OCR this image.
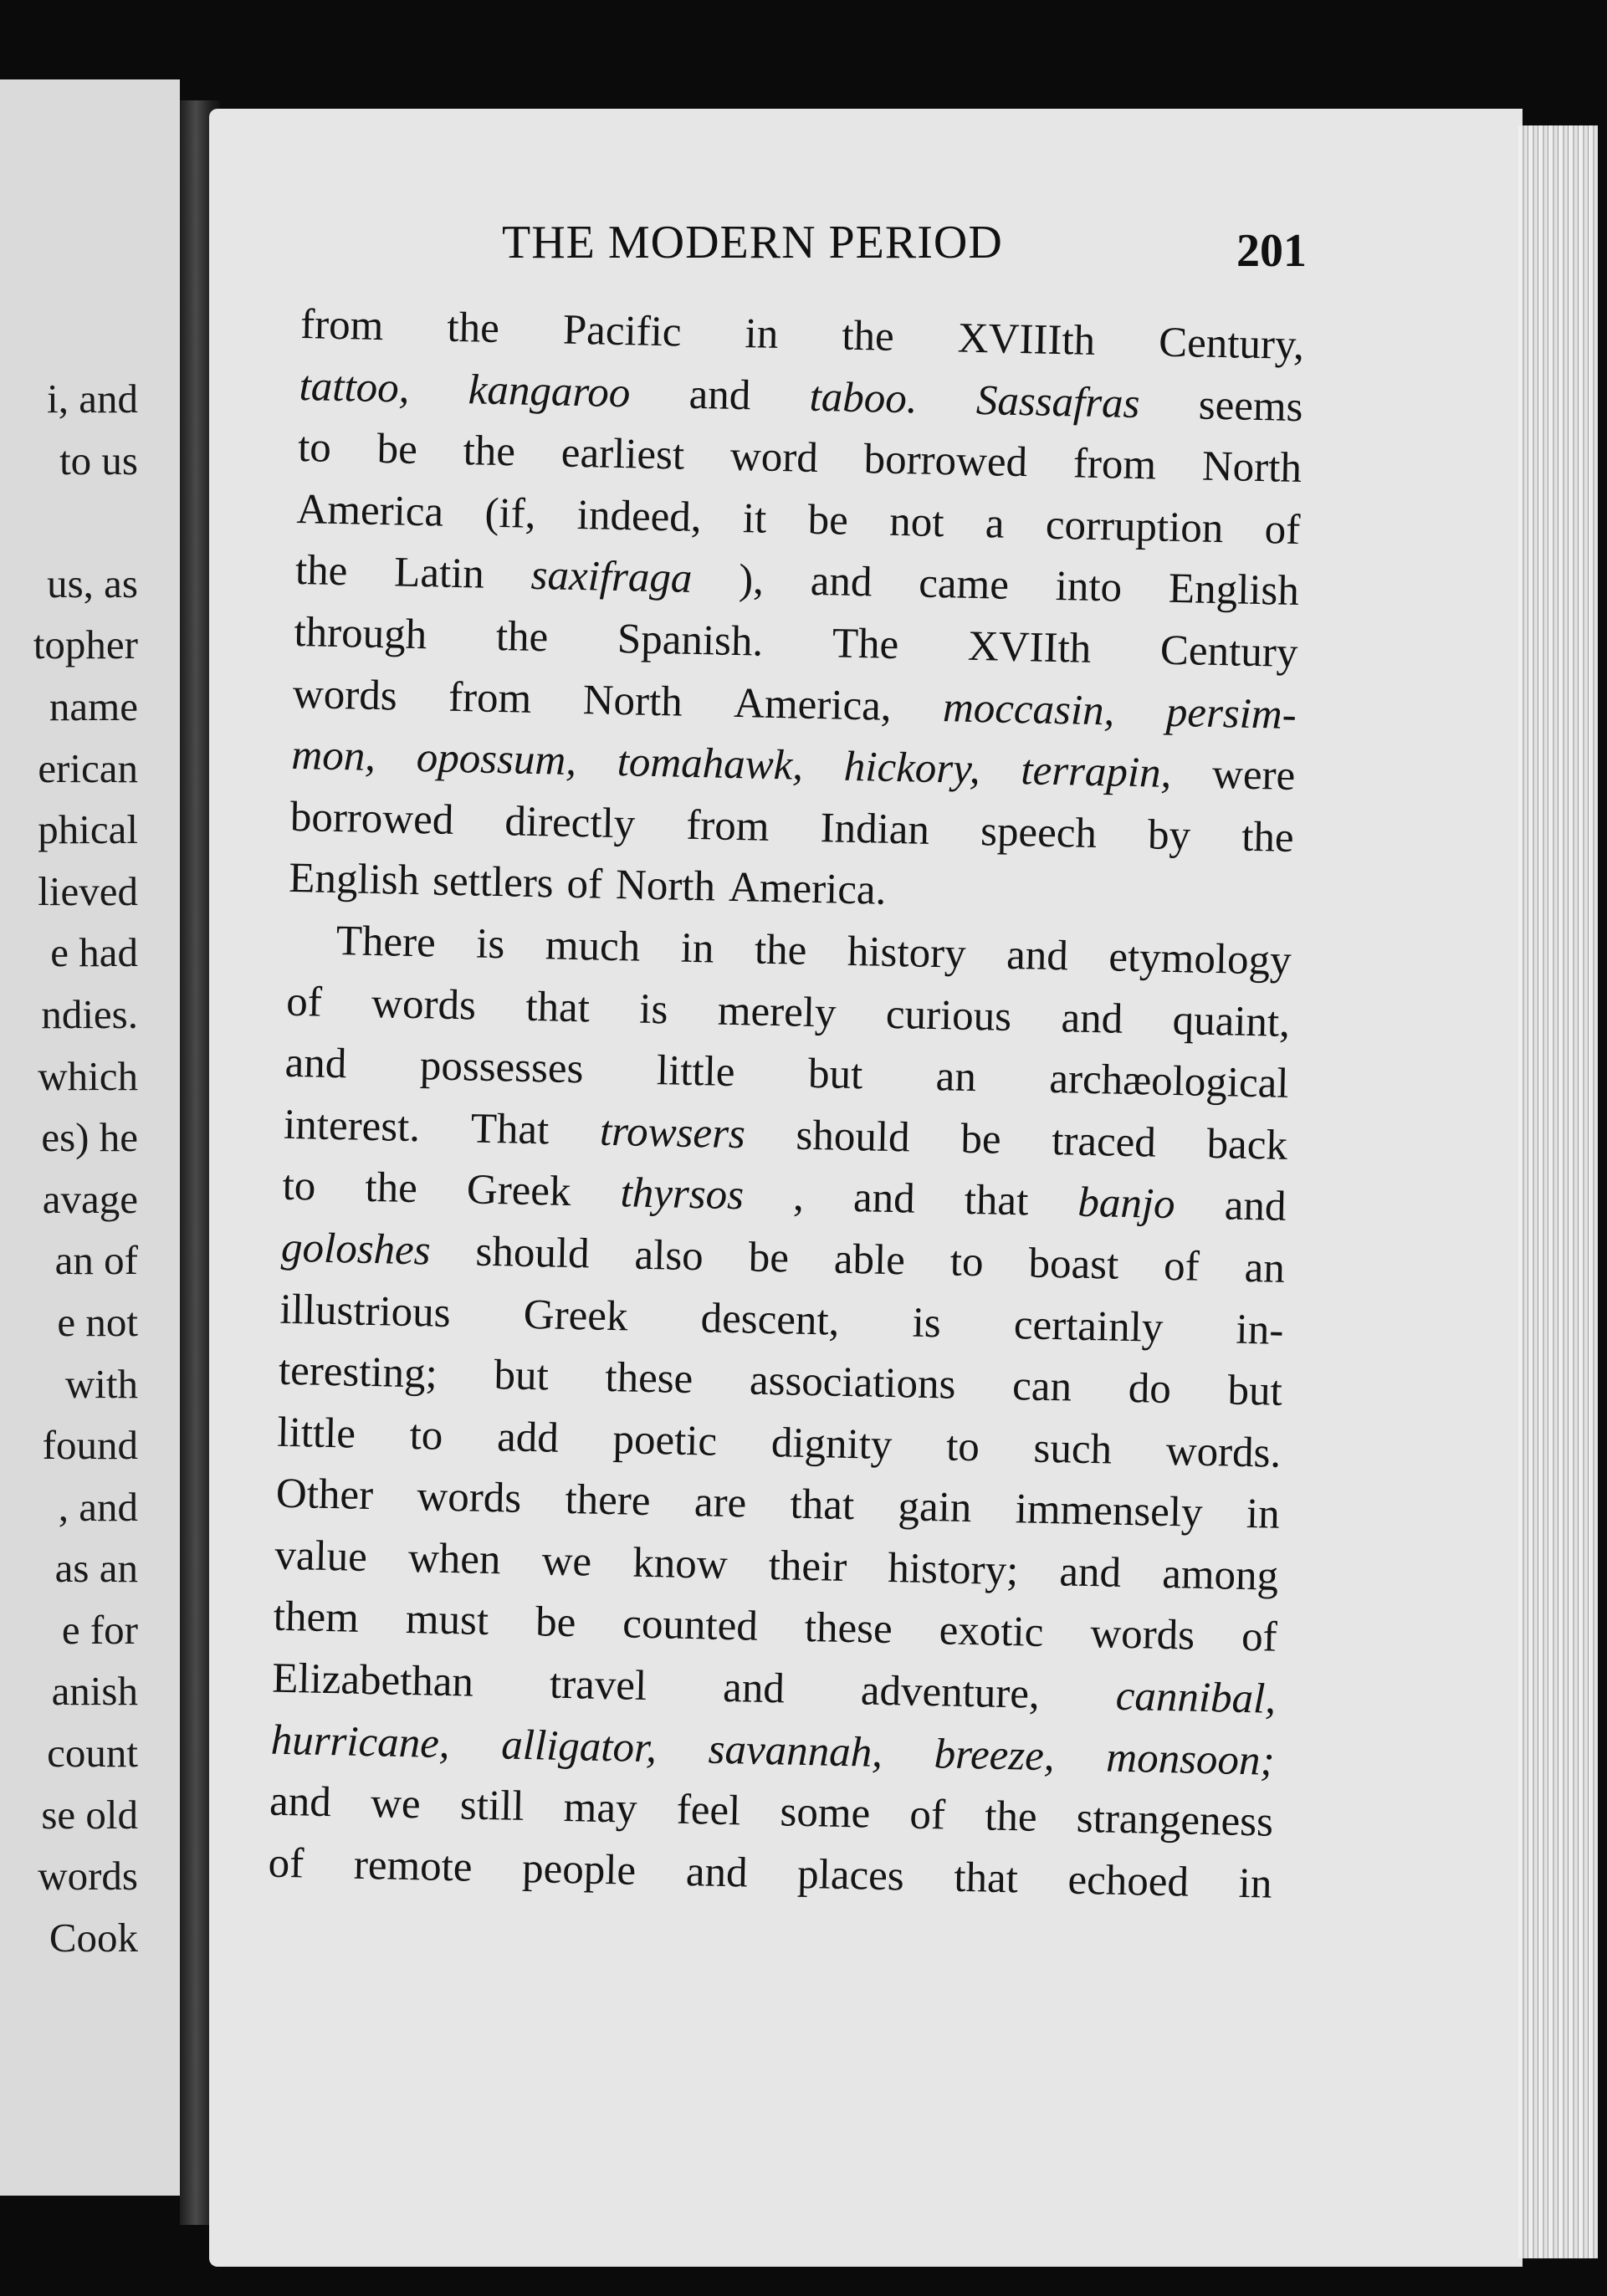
i, and
to us
us, as
topher
name
erican
phical
lieved
e had
ndies.
which
es) he
avage
an of
e not
with
found
, and
as an
e for
anish
count
se old
words
Cook
THE MODERN PERIOD	201
from the Pacific in the XVIIIth Century,
tattoo, kangaroo and taboo. Sassafras seems
to be the earliest word borrowed from North
America (if, indeed, it be not a corruption of
the Latin saxifraga ), and came into English
through the Spanish. The XVIIth Century
words from North America, moccasin, persim-
mon, opossum, tomahawk, hickory, terrapin, were
borrowed directly from Indian speech by the
English settlers of North America.
There is much in the history and etymology
of words that is merely curious and quaint,
and possesses little but an archæological
interest. That trowsers should be traced back
to the Greek thyrsos , and that banjo and
goloshes should also be able to boast of an
illustrious Greek descent, is certainly in-
teresting; but these associations can do but
little to add poetic dignity to such words.
Other words there are that gain immensely in
value when we know their history; and among
them must be counted these exotic words of
Elizabethan travel and adventure, cannibal,
hurricane, alligator, savannah, breeze, monsoon;
and we still may feel some of the strangeness
of remote people and places that echoed in
